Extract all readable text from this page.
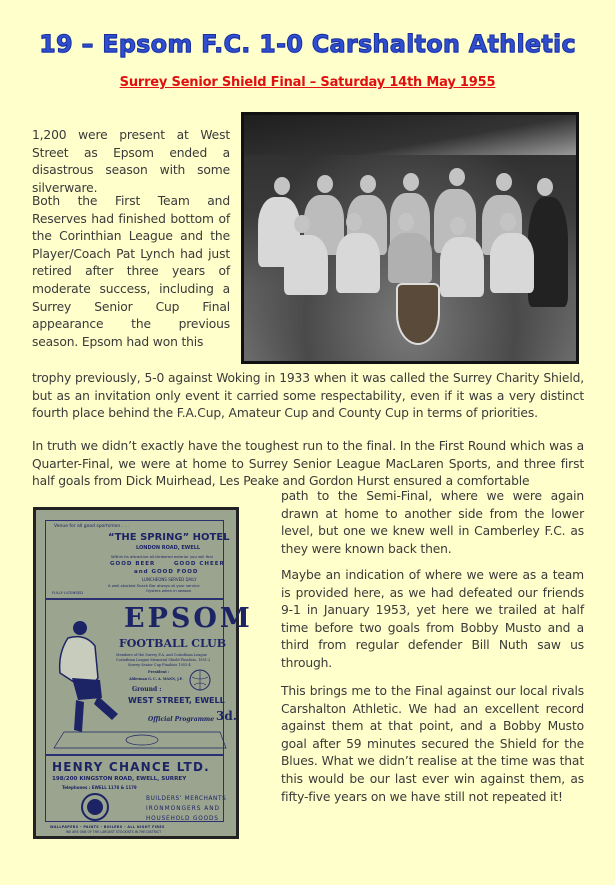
19 – Epsom F.C. 1-0 Carshalton Athletic
Surrey Senior Shield Final – Saturday 14th May 1955

1,200 were present at West Street as Epsom ended a disastrous season with some silverware.

Both the First Team and Reserves had finished bottom of the Corinthian League and the Player/Coach Pat Lynch had just retired after three years of moderate success, including a Surrey Senior Cup Final appearance the previous season. Epsom had won this

trophy previously, 5-0 against Woking in 1933 when it was called the Surrey Charity Shield, but as an invitation only event it carried some respectability, even if it was a very distinct fourth place behind the F.A.Cup, Amateur Cup and County Cup in terms of priorities.

In truth we didn’t exactly have the toughest run to the final. In the First Round which was a Quarter-Final, we were at home to Surrey Senior League MacLaren Sports, and three first half goals from Dick Muirhead, Les Peake and Gordon Hurst ensured a comfortable

path to the Semi-Final, where we were again drawn at home to another side from the lower level, but one we knew well in Camberley F.C. as they were known back then.

Maybe an indication of where we were as a team is provided here, as we had defeated our friends 9-1 in January 1953, yet here we trailed at half time before two goals from Bobby Musto and a third from regular defender Bill Nuth saw us through.

This brings me to the Final against our local rivals Carshalton Athletic. We had an excellent record against them at that point, and a Bobby Musto goal after 59 minutes secured the Shield for the Blues. What we didn’t realise at the time was that this would be our last ever win against them, as fifty-five years on we have still not repeated it!

Venue for all good sportsmen . . .
“THE SPRING” HOTEL
LONDON ROAD, EWELL
Within its attractive all-timbered exterior you will find
GOOD BEER	GOOD CHEER
and GOOD FOOD
LUNCHEONS SERVED DAILY
A well-stocked Snack Bar always at your service
Oysters when in season
FULLY LICENSED
EPSOM
FOOTBALL CLUB
Members of the Surrey F.A. and Corinthian League
Corinthian League Memorial Shield Finalists, 1951-2
Surrey Senior Cup Finalists 1953-4
President :
Alderman G. C. A. MANN, J.P.
Ground :
WEST STREET, EWELL
Official Programme 3d.
HENRY CHANCE LTD.
198/200 KINGSTON ROAD, EWELL, SURREY
Telephones : EWELL 1178 & 1179
BUILDERS’ MERCHANTS
IRONMONGERS AND
HOUSEHOLD GOODS
WALLPAPERS - PAINTS - BOILERS - ALL NIGHT FIRES
WE ARE ONE OF THE LARGEST STOCKISTS IN THE DISTRICT
